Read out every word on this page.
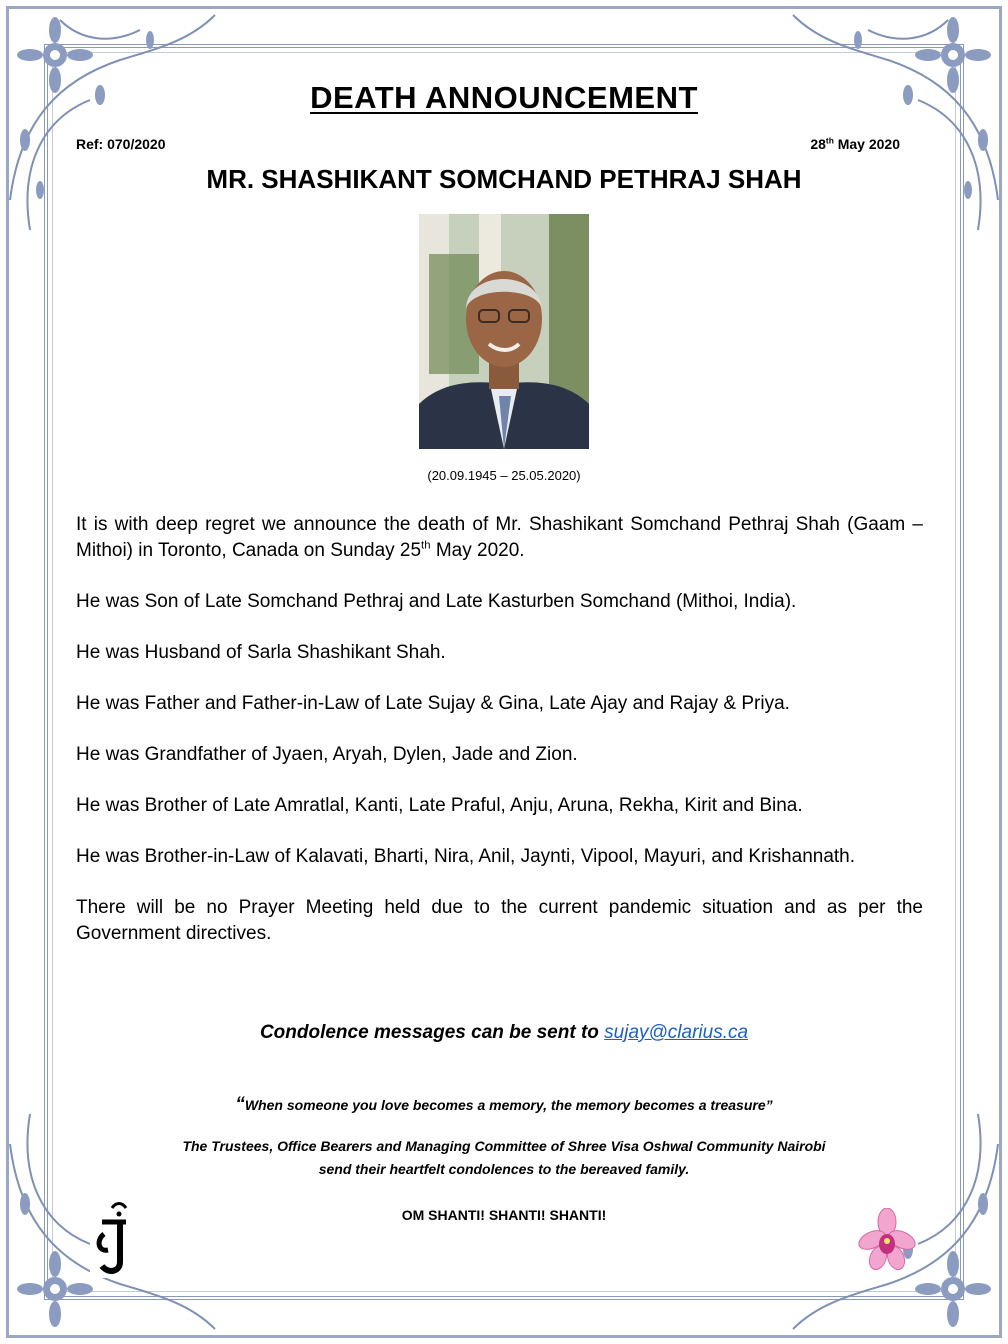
DEATH ANNOUNCEMENT
Ref: 070/2020	28th May 2020
MR. SHASHIKANT SOMCHAND PETHRAJ SHAH
(20.09.1945 – 25.05.2020)

It is with deep regret we announce the death of Mr. Shashikant Somchand Pethraj Shah (Gaam – Mithoi) in Toronto, Canada on Sunday 25th May 2020.

He was Son of Late Somchand Pethraj and Late Kasturben Somchand (Mithoi, India).

He was Husband of Sarla Shashikant Shah.

He was Father and Father-in-Law of Late Sujay & Gina, Late Ajay and Rajay & Priya.

He was Grandfather of Jyaen, Aryah, Dylen, Jade and Zion.

He was Brother of Late Amratlal, Kanti, Late Praful, Anju, Aruna, Rekha, Kirit and Bina.

He was Brother-in-Law of Kalavati, Bharti, Nira, Anil, Jaynti, Vipool, Mayuri, and Krishannath.

There will be no Prayer Meeting held due to the current pandemic situation and as per the Government directives.

Condolence messages can be sent to sujay@clarius.ca
“When someone you love becomes a memory, the memory becomes a treasure”
The Trustees, Office Bearers and Managing Committee of Shree Visa Oshwal Community Nairobi
send their heartfelt condolences to the bereaved family.
OM SHANTI! SHANTI! SHANTI!
